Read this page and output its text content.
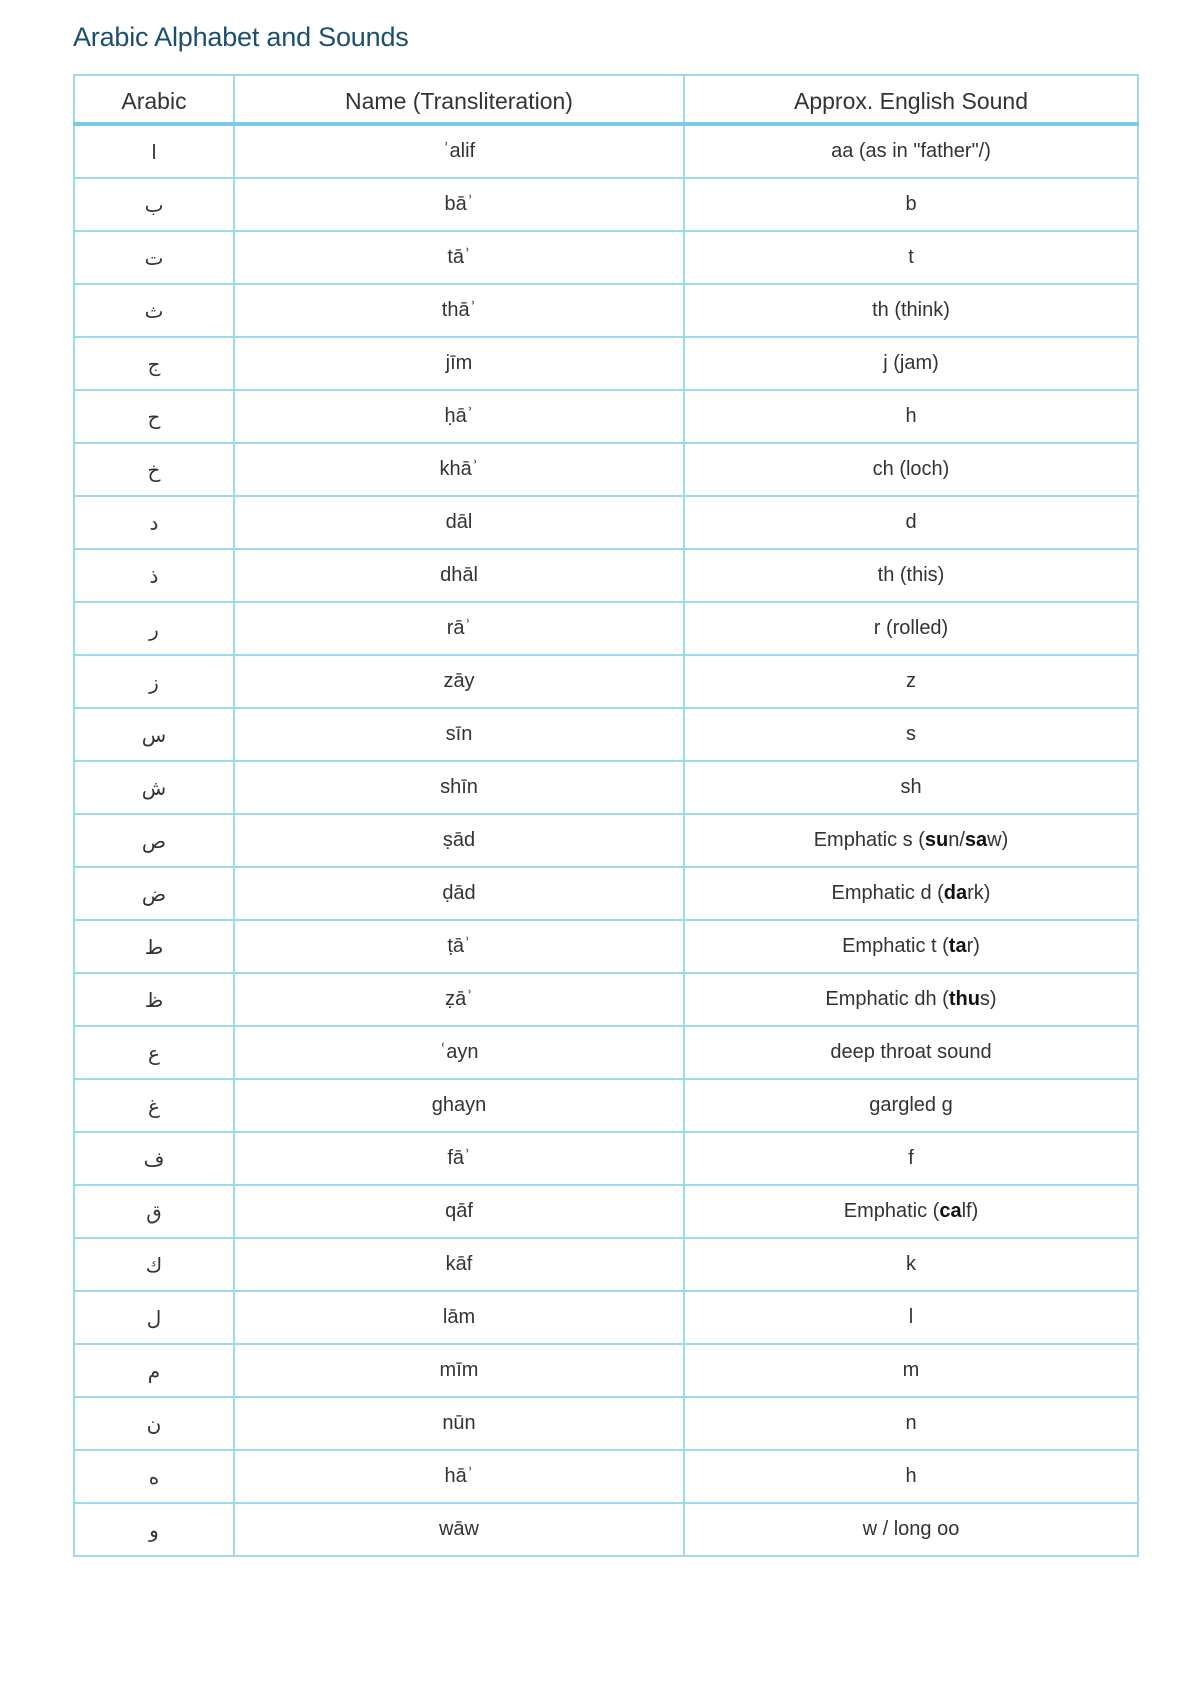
Arabic Alphabet and Sounds
Arabic	Name (Transliteration)	Approx. English Sound
ا	ʾalif	aa (as in "father"/)
ب	bāʾ	b
ت	tāʾ	t
ث	thāʾ	th (think)
ج	jīm	j (jam)
ح	ḥāʾ	h
خ	khāʾ	ch (loch)
د	dāl	d
ذ	dhāl	th (this)
ر	rāʾ	r (rolled)
ز	zāy	z
س	sīn	s
ش	shīn	sh
ص	ṣād	Emphatic s (sun/saw)
ض	ḍād	Emphatic d (dark)
ط	ṭāʾ	Emphatic t (tar)
ظ	ẓāʾ	Emphatic dh (thus)
ع	ʿayn	deep throat sound
غ	ghayn	gargled g
ف	fāʾ	f
ق	qāf	Emphatic (calf)
ك	kāf	k
ل	lām	l
م	mīm	m
ن	nūn	n
ه	hāʾ	h
و	wāw	w / long oo
